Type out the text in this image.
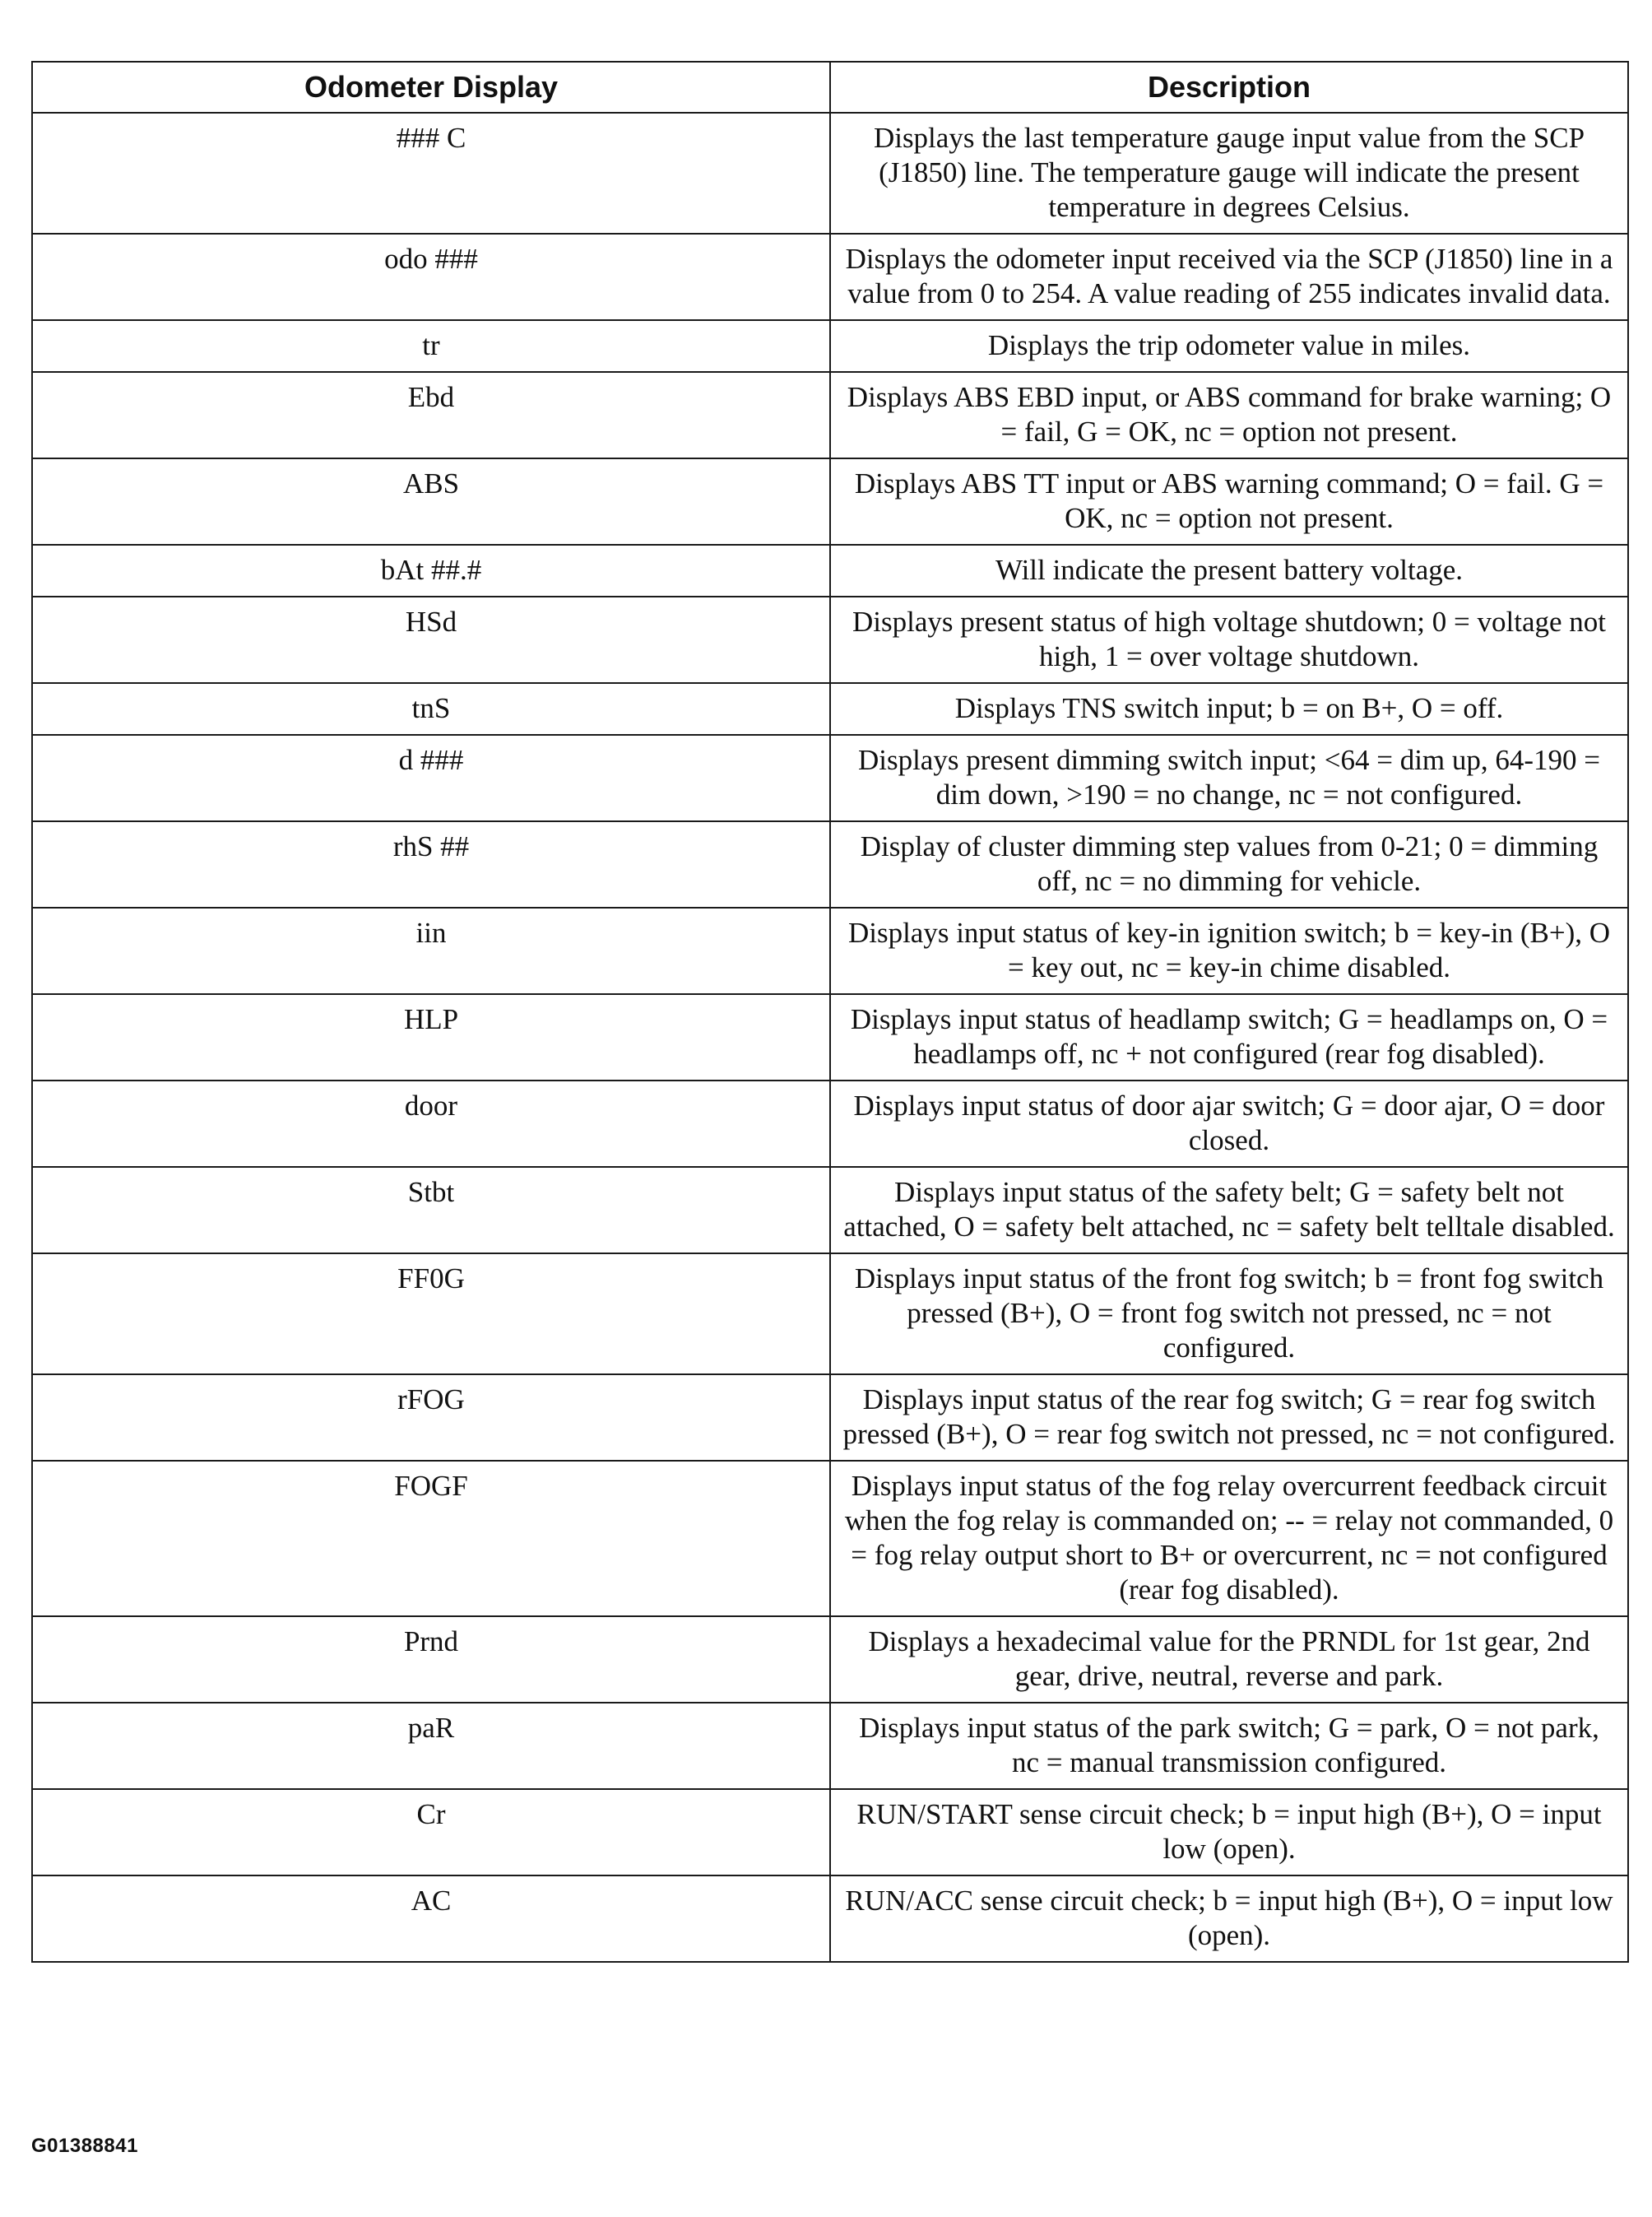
Odometer Display	Description
### C	Displays the last temperature gauge input value from the SCP (J1850) line. The temperature gauge will indicate the present temperature in degrees Celsius.
odo ###	Displays the odometer input received via the SCP (J1850) line in a value from 0 to 254. A value reading of 255 indicates invalid data.
tr	Displays the trip odometer value in miles.
Ebd	Displays ABS EBD input, or ABS command for brake warning; O = fail, G = OK, nc = option not present.
ABS	Displays ABS TT input or ABS warning command; O = fail. G = OK, nc = option not present.
bAt ##.#	Will indicate the present battery voltage.
HSd	Displays present status of high voltage shutdown; 0 = voltage not high, 1 = over voltage shutdown.
tnS	Displays TNS switch input; b = on B+, O = off.
d ###	Displays present dimming switch input; <64 = dim up, 64-190 = dim down, >190 = no change, nc = not configured.
rhS ##	Display of cluster dimming step values from 0-21; 0 = dimming off, nc = no dimming for vehicle.
iin	Displays input status of key-in ignition switch; b = key-in (B+), O = key out, nc = key-in chime disabled.
HLP	Displays input status of headlamp switch; G = headlamps on, O = headlamps off, nc + not configured (rear fog disabled).
door	Displays input status of door ajar switch; G = door ajar, O = door closed.
Stbt	Displays input status of the safety belt; G = safety belt not attached, O = safety belt attached, nc = safety belt telltale disabled.
FF0G	Displays input status of the front fog switch; b = front fog switch pressed (B+), O = front fog switch not pressed, nc = not configured.
rFOG	Displays input status of the rear fog switch; G = rear fog switch pressed (B+), O = rear fog switch not pressed, nc = not configured.
FOGF	Displays input status of the fog relay overcurrent feedback circuit when the fog relay is commanded on; -- = relay not commanded, 0 = fog relay output short to B+ or overcurrent, nc = not configured (rear fog disabled).
Prnd	Displays a hexadecimal value for the PRNDL for 1st gear, 2nd gear, drive, neutral, reverse and park.
paR	Displays input status of the park switch; G = park, O = not park, nc = manual transmission configured.
Cr	RUN/START sense circuit check; b = input high (B+), O = input low (open).
AC	RUN/ACC sense circuit check; b = input high (B+), O = input low (open).
G01388841
